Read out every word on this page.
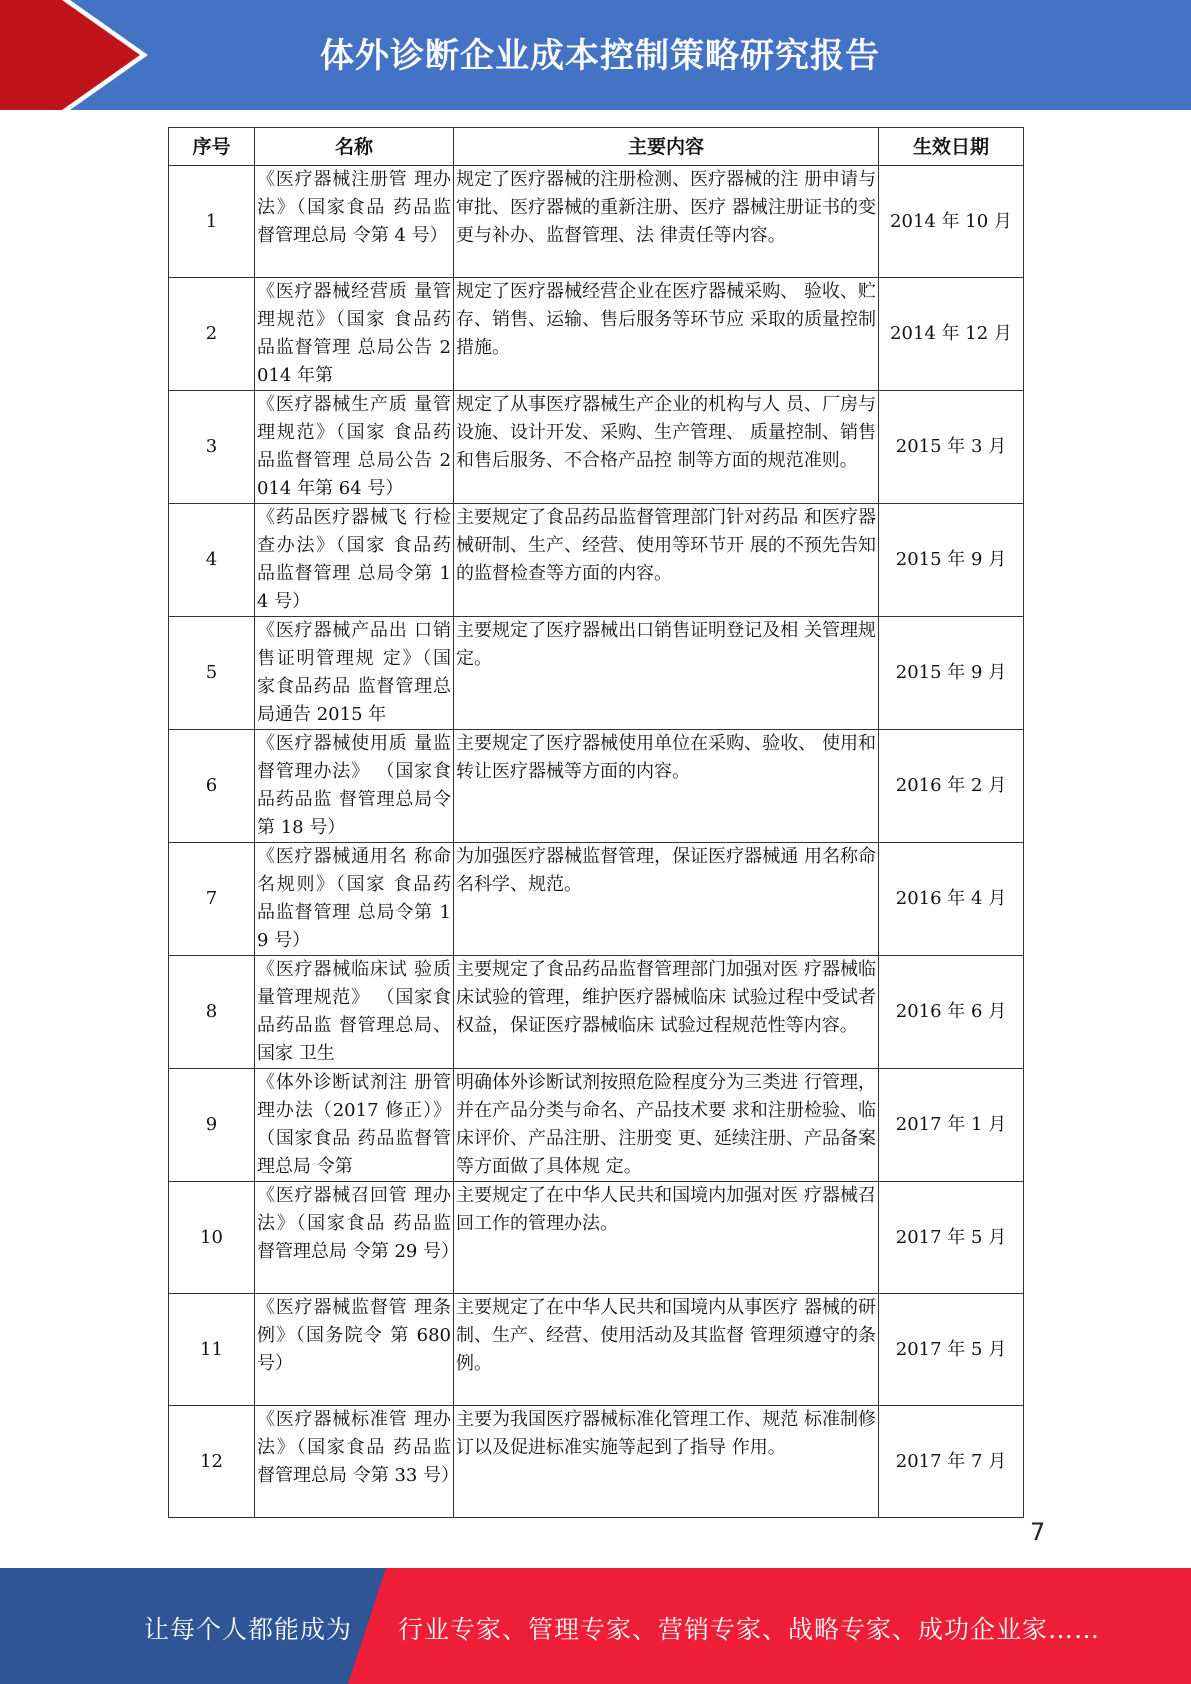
体外诊断企业成本控制策略研究报告
序号	名称	主要内容	生效日期
1	《医疗器械注册管 理办法》（国家食品 药品监督管理总局 令第 4 号）	规定了医疗器械的注册检测、医疗器械的注 册申请与审批、医疗器械的重新注册、医疗 器械注册证书的变更与补办、监督管理、法 律责任等内容。	2014 年 10 月
2	《医疗器械经营质 量管理规范》（国家 食品药品监督管理 总局公告 2014 年第	规定了医疗器械经营企业在医疗器械采购、 验收、贮存、销售、运输、售后服务等环节应 采取的质量控制措施。	2014 年 12 月
3	《医疗器械生产质 量管理规范》（国家 食品药品监督管理 总局公告 2014 年第 64 号）	规定了从事医疗器械生产企业的机构与人 员、厂房与设施、设计开发、采购、生产管理、 质量控制、销售和售后服务、不合格产品控 制等方面的规范准则。	2015 年 3 月
4	《药品医疗器械飞 行检查办法》（国家 食品药品监督管理 总局令第 14 号）	主要规定了食品药品监督管理部门针对药品 和医疗器械研制、生产、经营、使用等环节开 展的不预先告知的监督检查等方面的内容。	2015 年 9 月
5	《医疗器械产品出 口销售证明管理规 定》（国家食品药品 监督管理总局通告 2015 年	主要规定了医疗器械出口销售证明登记及相 关管理规定。	2015 年 9 月
6	《医疗器械使用质 量监督管理办法》 （国家食品药品监 督管理总局令第 18 号）	主要规定了医疗器械使用单位在采购、验收、 使用和转让医疗器械等方面的内容。	2016 年 2 月
7	《医疗器械通用名 称命名规则》（国家 食品药品监督管理 总局令第 19 号）	为加强医疗器械监督管理，保证医疗器械通 用名称命名科学、规范。	2016 年 4 月
8	《医疗器械临床试 验质量管理规范》 （国家食品药品监 督管理总局、国家 卫生	主要规定了食品药品监督管理部门加强对医 疗器械临床试验的管理，维护医疗器械临床 试验过程中受试者权益，保证医疗器械临床 试验过程规范性等内容。	2016 年 6 月
9	《体外诊断试剂注 册管理办法（2017 修正）》（国家食品 药品监督管理总局 令第	明确体外诊断试剂按照危险程度分为三类进 行管理，并在产品分类与命名、产品技术要 求和注册检验、临床评价、产品注册、注册变 更、延续注册、产品备案等方面做了具体规 定。	2017 年 1 月
10	《医疗器械召回管 理办法》（国家食品 药品监督管理总局 令第 29 号）	主要规定了在中华人民共和国境内加强对医 疗器械召回工作的管理办法。	2017 年 5 月
11	《医疗器械监督管 理条例》（国务院令 第 680 号）	主要规定了在中华人民共和国境内从事医疗 器械的研制、生产、经营、使用活动及其监督 管理须遵守的条例。	2017 年 5 月
12	《医疗器械标准管 理办法》（国家食品 药品监督管理总局 令第 33 号）	主要为我国医疗器械标准化管理工作、规范 标准制修订以及促进标准实施等起到了指导 作用。	2017 年 7 月
7
让每个人都能成为 行业专家、管理专家、营销专家、战略专家、成功企业家……
